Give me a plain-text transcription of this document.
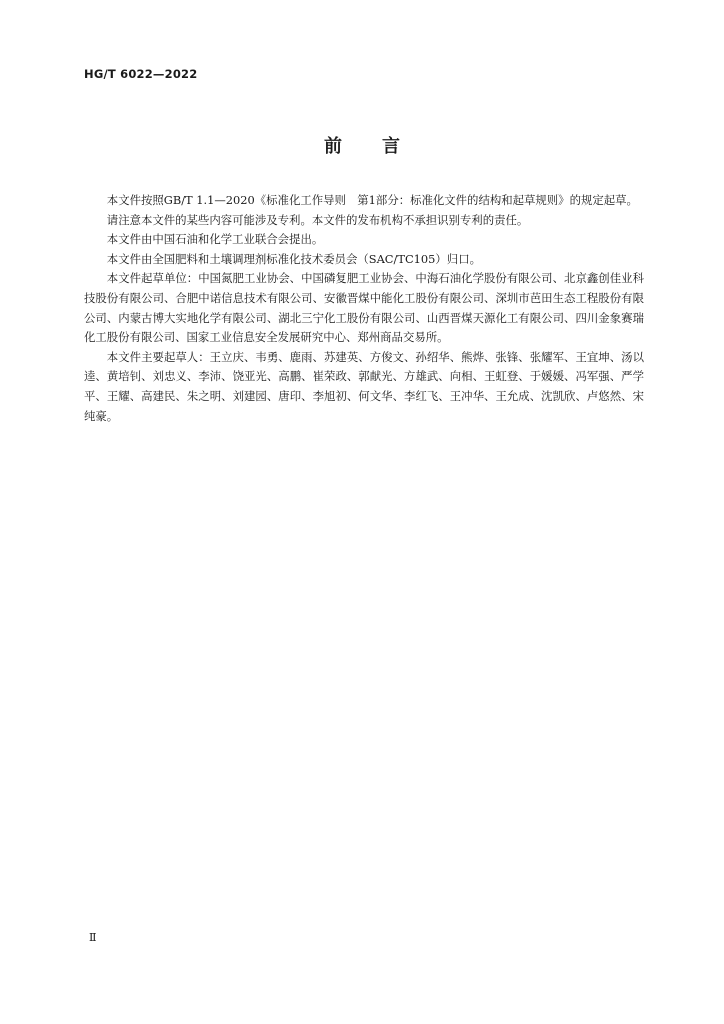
HG/T 6022—2022
前言

本文件按照GB/T 1.1—2020《标准化工作导则　第1部分：标准化文件的结构和起草规则》的规定起草。

请注意本文件的某些内容可能涉及专利。本文件的发布机构不承担识别专利的责任。

本文件由中国石油和化学工业联合会提出。

本文件由全国肥料和土壤调理剂标准化技术委员会（SAC/TC105）归口。

本文件起草单位：中国氮肥工业协会、中国磷复肥工业协会、中海石油化学股份有限公司、北京鑫创佳业科技股份有限公司、合肥中诺信息技术有限公司、安徽晋煤中能化工股份有限公司、深圳市芭田生态工程股份有限公司、内蒙古博大实地化学有限公司、湖北三宁化工股份有限公司、山西晋煤天源化工有限公司、四川金象赛瑞化工股份有限公司、国家工业信息安全发展研究中心、郑州商品交易所。

本文件主要起草人：王立庆、韦勇、鹿雨、苏建英、方俊文、孙绍华、熊烨、张锋、张耀军、王宜坤、汤以逵、黄培钊、刘忠义、李沛、饶亚光、高鹏、崔荣政、郭献光、方雄武、向相、王虹登、于媛媛、冯军强、严学平、王耀、高建民、朱之明、刘建园、唐印、李旭初、何文华、李红飞、王冲华、王允成、沈凯欣、卢悠然、宋纯豪。

Ⅱ
